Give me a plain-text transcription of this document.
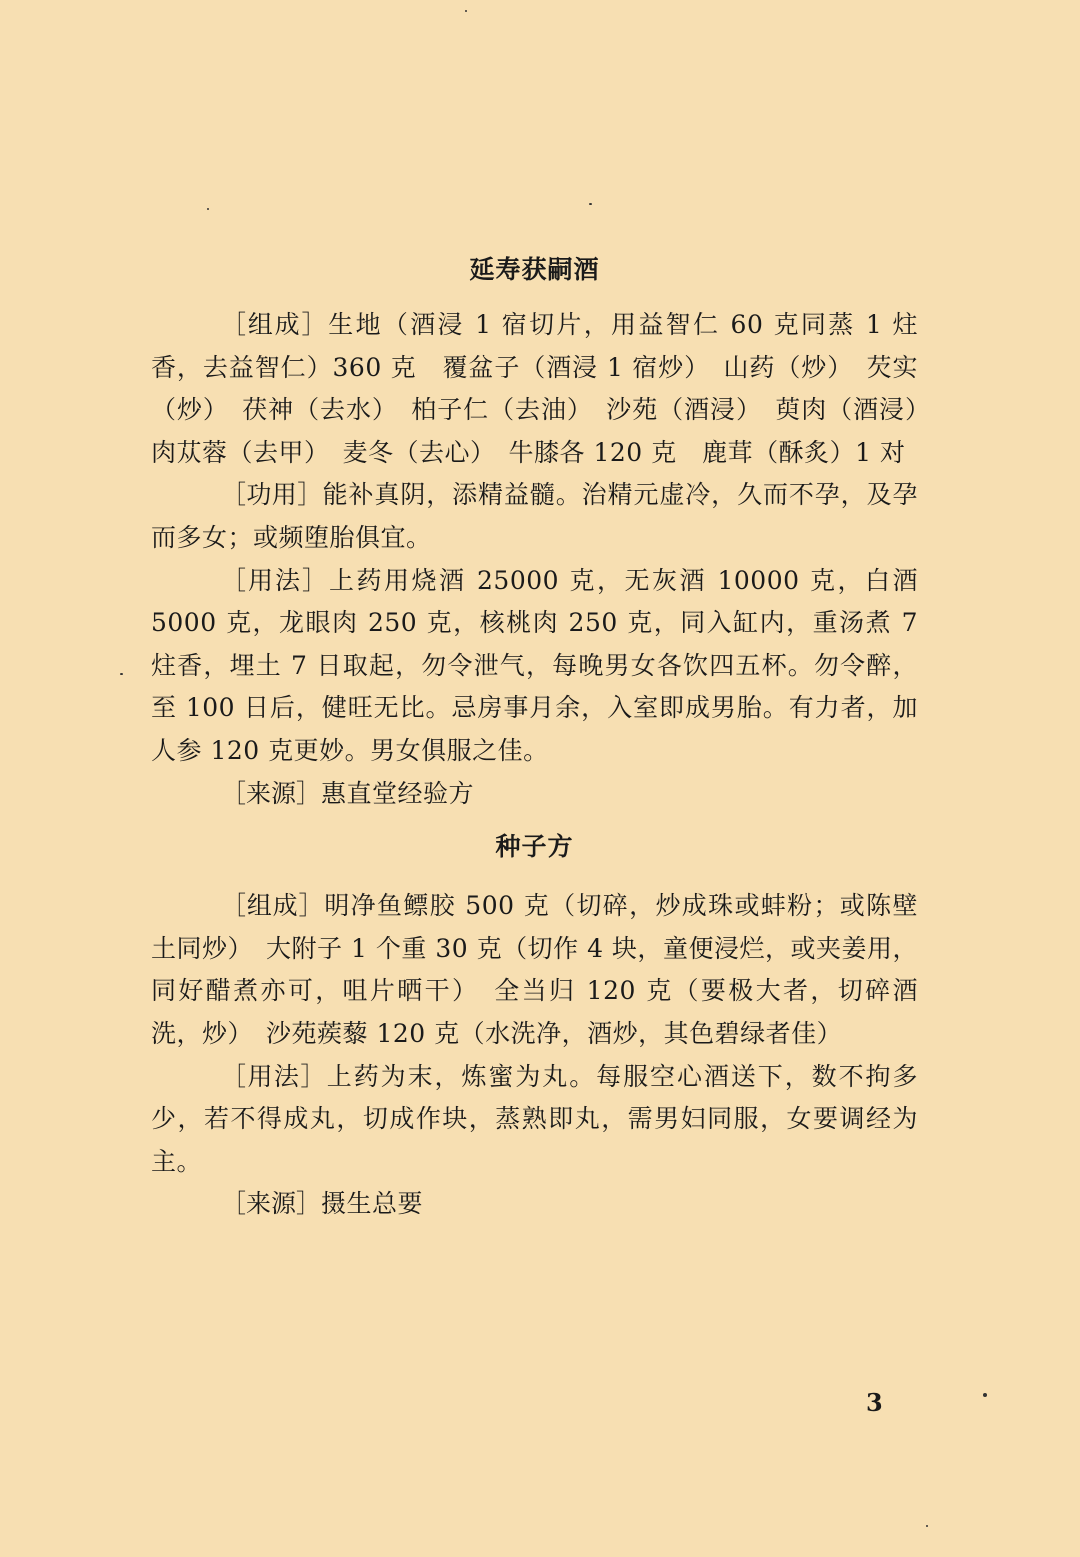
延寿获嗣酒

［组成］生地（酒浸 1 宿切片，用益智仁 60 克同蒸 1 炷香，去益智仁）360 克　覆盆子（酒浸 1 宿炒）　山药（炒）　芡实（炒）　茯神（去水）　柏子仁（去油）　沙苑（酒浸）　萸肉（酒浸）　肉苁蓉（去甲）　麦冬（去心）　牛膝各 120 克　鹿茸（酥炙）1 对

［功用］能补真阴，添精益髓。治精元虚冷，久而不孕，及孕而多女；或频堕胎俱宜。

［用法］上药用烧酒 25000 克，无灰酒 10000 克，白酒 5000 克，龙眼肉 250 克，核桃肉 250 克，同入缸内，重汤煮 7 炷香，埋土 7 日取起，勿令泄气，每晚男女各饮四五杯。勿令醉，至 100 日后，健旺无比。忌房事月余，入室即成男胎。有力者，加人参 120 克更妙。男女俱服之佳。

［来源］惠直堂经验方

种子方

［组成］明净鱼鳔胶 500 克（切碎，炒成珠或蚌粉；或陈壁土同炒）　大附子 1 个重 30 克（切作 4 块，童便浸烂，或夹姜用，同好醋煮亦可，咀片晒干）　全当归 120 克（要极大者，切碎酒洗，炒）　沙苑蒺藜 120 克（水洗净，酒炒，其色碧绿者佳）

［用法］上药为末，炼蜜为丸。每服空心酒送下，数不拘多少，若不得成丸，切成作块，蒸熟即丸，需男妇同服，女要调经为主。

［来源］摄生总要

3
